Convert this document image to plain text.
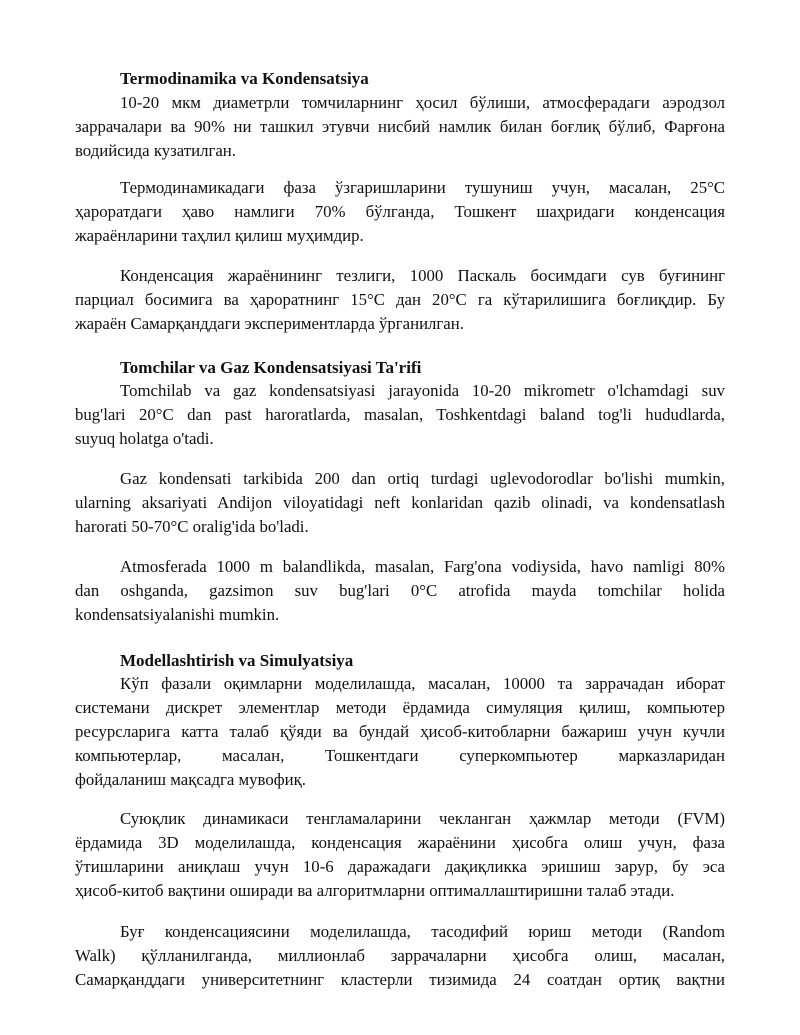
Termodinamika va Kondensatsiya
10-20 мкм диаметрли томчиларнинг ҳосил бўлиши, атмосферадаги аэродзол
заррачалари ва 90% ни ташкил этувчи нисбий намлик билан боғлиқ бўлиб, Фарғона
водийсида кузатилган.
Термодинамикадаги фаза ўзгаришларини тушуниш учун, масалан, 25°C
ҳароратдаги ҳаво намлиги 70% бўлганда, Тошкент шаҳридаги конденсация
жараёнларини таҳлил қилиш муҳимдир.
Конденсация жараёнининг тезлиги, 1000 Паскаль босимдаги сув буғининг
парциал босимига ва ҳароратнинг 15°C дан 20°C га кўтарилишига боғлиқдир. Бу
жараён Самарқанддаги экспериментларда ўрганилган.
Tomchilar va Gaz Kondensatsiyasi Ta'rifi
Tomchilab va gaz kondensatsiyasi jarayonida 10-20 mikrometr o'lchamdagi suv
bug'lari 20°C dan past haroratlarda, masalan, Toshkentdagi baland tog'li hududlarda,
suyuq holatga o'tadi.
Gaz kondensati tarkibida 200 dan ortiq turdagi uglevodorodlar bo'lishi mumkin,
ularning aksariyati Andijon viloyatidagi neft konlaridan qazib olinadi, va kondensatlash
harorati 50-70°C oralig'ida bo'ladi.
Atmosferada 1000 m balandlikda, masalan, Farg'ona vodiysida, havo namligi 80%
dan oshganda, gazsimon suv bug'lari 0°C atrofida mayda tomchilar holida
kondensatsiyalanishi mumkin.
Modellashtirish va Simulyatsiya
Кўп фазали оқимларни моделилашда, масалан, 10000 та заррачадан иборат
системани дискрет элементлар методи ёрдамида симуляция қилиш, компьютер
ресурсларига катта талаб қўяди ва бундай ҳисоб-китобларни бажариш учун кучли
компьютерлар, масалан, Тошкентдаги суперкомпьютер марказларидан
фойдаланиш мақсадга мувофиқ.
Суюқлик динамикаси тенгламаларини чекланган ҳажмлар методи (FVM)
ёрдамида 3D моделилашда, конденсация жараёнини ҳисобга олиш учун, фаза
ўтишларини аниқлаш учун 10-6 даражадаги дақиқликка эришиш зарур, бу эса
ҳисоб-китоб вақтини оширади ва алгоритмларни оптималлаштиришни талаб этади.
Буғ конденсациясини моделилашда, тасодифий юриш методи (Random
Walk) қўлланилганда, миллионлаб заррачаларни ҳисобга олиш, масалан,
Самарқанддаги университетнинг кластерли тизимида 24 соатдан ортиқ вақтни
